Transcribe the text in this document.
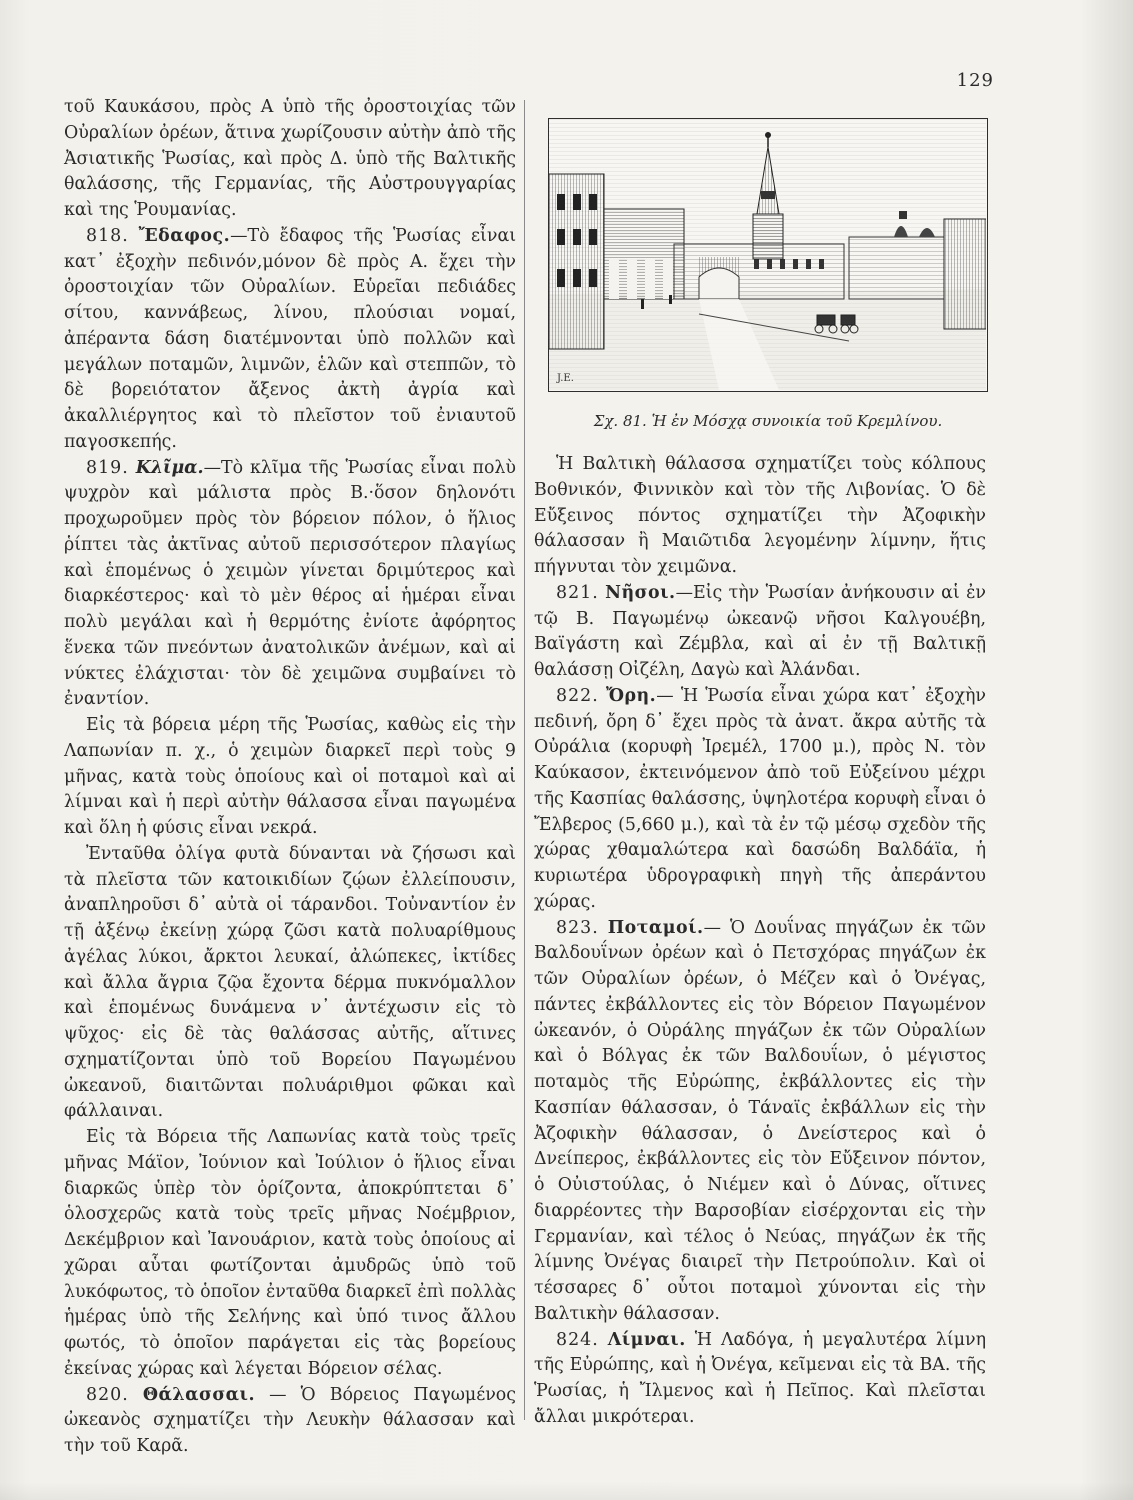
129

τοῦ Καυκάσου, πρὸς Α ὑπὸ τῆς ὀροστοιχίας τῶν Οὐραλίων ὀρέων, ἅτινα χωρίζουσιν αὐτὴν ἀπὸ τῆς Ἀσιατικῆς Ῥωσίας, καὶ πρὸς Δ. ὑπὸ τῆς Βαλτικῆς θαλάσσης, τῆς Γερμανίας, τῆς Αὐστρουγγαρίας καὶ της Ῥουμανίας.

818. Ἔδαφος.—Τὸ ἔδαφος τῆς Ῥωσίας εἶναι κατ᾽ ἐξοχὴν πεδινόν,μόνον δὲ πρὸς Α. ἔχει τὴν ὀροστοιχίαν τῶν Οὐραλίων. Εὑρεῖαι πεδιάδες σίτου, καννάβεως, λίνου, πλούσιαι νομαί, ἀπέραντα δάση διατέμνονται ὑπὸ πολλῶν καὶ μεγάλων ποταμῶν, λιμνῶν, ἑλῶν καὶ στεππῶν, τὸ δὲ βορειότατον ἄξενος ἀκτὴ ἀγρία καὶ ἀκαλλιέργητος καὶ τὸ πλεῖστον τοῦ ἐνιαυτοῦ παγοσκεπής.

819. Κλῖμα.—Τὸ κλῖμα τῆς Ῥωσίας εἶναι πολὺ ψυχρὸν καὶ μάλιστα πρὸς Β.·ὅσον δηλονότι προχωροῦμεν πρὸς τὸν βόρειον πόλον, ὁ ἥλιος ῥίπτει τὰς ἀκτῖνας αὐτοῦ περισσότερον πλαγίως καὶ ἑπομένως ὁ χειμὼν γίνεται δριμύτερος καὶ διαρκέστερος· καὶ τὸ μὲν θέρος αἱ ἡμέραι εἶναι πολὺ μεγάλαι καὶ ἡ θερμότης ἐνίοτε ἀφόρητος ἕνεκα τῶν πνεόντων ἀνατολικῶν ἀνέμων, καὶ αἱ νύκτες ἐλάχισται· τὸν δὲ χειμῶνα συμβαίνει τὸ ἐναντίον.

Εἰς τὰ βόρεια μέρη τῆς Ῥωσίας, καθὼς εἰς τὴν Λαπωνίαν π. χ., ὁ χειμὼν διαρκεῖ περὶ τοὺς 9 μῆνας, κατὰ τοὺς ὁποίους καὶ οἱ ποταμοὶ καὶ αἱ λίμναι καὶ ἡ περὶ αὐτὴν θάλασσα εἶναι παγωμένα καὶ ὅλη ἡ φύσις εἶναι νεκρά.

Ἐνταῦθα ὀλίγα φυτὰ δύνανται νὰ ζήσωσι καὶ τὰ πλεῖστα τῶν κατοικιδίων ζῴων ἐλλείπουσιν, ἀναπληροῦσι δ᾽ αὐτὰ οἱ τάρανδοι. Τοὐναντίον ἐν τῇ ἀξένῳ ἐκείνῃ χώρᾳ ζῶσι κατὰ πολυαρίθμους ἀγέλας λύκοι, ἄρκτοι λευκαί, ἀλώπεκες, ἰκτίδες καὶ ἄλλα ἄγρια ζῷα ἔχοντα δέρμα πυκνόμαλλον καὶ ἑπομένως δυνάμενα ν᾽ ἀντέχωσιν εἰς τὸ ψῦχος· εἰς δὲ τὰς θαλάσσας αὐτῆς, αἵτινες σχηματίζονται ὑπὸ τοῦ Βορείου Παγωμένου ὠκεανοῦ, διαιτῶνται πολυάριθμοι φῶκαι καὶ φάλλαιναι.

Εἰς τὰ Βόρεια τῆς Λαπωνίας κατὰ τοὺς τρεῖς μῆνας Μάϊον, Ἰούνιον καὶ Ἰούλιον ὁ ἥλιος εἶναι διαρκῶς ὑπὲρ τὸν ὁρίζοντα, ἀποκρύπτεται δ᾽ ὁλοσχερῶς κατὰ τοὺς τρεῖς μῆνας Νοέμβριον, Δεκέμβριον καὶ Ἰανουάριον, κατὰ τοὺς ὁποίους αἱ χῶραι αὗται φωτίζονται ἀμυδρῶς ὑπὸ τοῦ λυκόφωτος, τὸ ὁποῖον ἐνταῦθα διαρκεῖ ἐπὶ πολλὰς ἡμέρας ὑπὸ τῆς Σελήνης καὶ ὑπό τινος ἄλλου φωτός, τὸ ὁποῖον παράγεται εἰς τὰς βορείους ἐκείνας χώρας καὶ λέγεται Βόρειον σέλας.

820. Θάλασσαι. — Ὁ Βόρειος Παγωμένος ὠκεανὸς σχηματίζει τὴν Λευκὴν θάλασσαν καὶ τὴν τοῦ Καρᾶ.

J.E.
Σχ. 81. Ἡ ἐν Μόσχᾳ συνοικία τοῦ Κρεμλίνου.

Ἡ Βαλτικὴ θάλασσα σχηματίζει τοὺς κόλπους Βοθνικόν, Φιννικὸν καὶ τὸν τῆς Λιβονίας. Ὁ δὲ Εὔξεινος πόντος σχηματίζει τὴν Ἀζοφικὴν θάλασσαν ἢ Μαιῶτιδα λεγομένην λίμνην, ἥτις πήγνυται τὸν χειμῶνα.

821. Νῆσοι.—Εἰς τὴν Ῥωσίαν ἀνήκουσιν αἱ ἐν τῷ Β. Παγωμένῳ ὠκεανῷ νῆσοι Καλγουέβη, Βαϊγάστη καὶ Ζέμβλα, καὶ αἱ ἐν τῇ Βαλτικῇ θαλάσσῃ Οἰζέλη, Δαγὼ καὶ Ἀλάνδαι.

822. Ὄρη.— Ἡ Ῥωσία εἶναι χώρα κατ᾽ ἐξοχὴν πεδινή, ὄρη δ᾽ ἔχει πρὸς τὰ ἀνατ. ἄκρα αὐτῆς τὰ Οὐράλια (κορυφὴ Ἰρεμέλ, 1700 μ.), πρὸς Ν. τὸν Καύκασον, ἐκτεινόμενον ἀπὸ τοῦ Εὐξείνου μέχρι τῆς Κασπίας θαλάσσης, ὑψηλοτέρα κορυφὴ εἶναι ὁ Ἔλβερος (5,660 μ.), καὶ τὰ ἐν τῷ μέσῳ σχεδὸν τῆς χώρας χθαμαλώτερα καὶ δασώδη Βαλδάϊα, ἡ κυριωτέρα ὑδρογραφικὴ πηγὴ τῆς ἀπεράντου χώρας.

823. Ποταμοί.— Ὁ Δουΐνας πηγάζων ἐκ τῶν Βαλδουΐνων ὀρέων καὶ ὁ Πετσχόρας πηγάζων ἐκ τῶν Οὐραλίων ὀρέων, ὁ Μέζεν καὶ ὁ Ὀνέγας, πάντες ἐκβάλλοντες εἰς τὸν Βόρειον Παγωμένον ὠκεανόν, ὁ Οὐράλης πηγάζων ἐκ τῶν Οὐραλίων καὶ ὁ Βόλγας ἐκ τῶν Βαλδουΐων, ὁ μέγιστος ποταμὸς τῆς Εὐρώπης, ἐκβάλλοντες εἰς τὴν Κασπίαν θάλασσαν, ὁ Τάναϊς ἐκβάλλων εἰς τὴν Ἀζοφικὴν θάλασσαν, ὁ Δνείστερος καὶ ὁ Δνείπερος, ἐκβάλλοντες εἰς τὸν Εὔξεινον πόντον, ὁ Οὐιστούλας, ὁ Νιέμεν καὶ ὁ Δύνας, οἵτινες διαρρέοντες τὴν Βαρσοβίαν εἰσέρχονται εἰς τὴν Γερμανίαν, καὶ τέλος ὁ Νεύας, πηγάζων ἐκ τῆς λίμνης Ὀνέγας διαιρεῖ τὴν Πετρούπολιν. Καὶ οἱ τέσσαρες δ᾽ οὗτοι ποταμοὶ χύνονται εἰς τὴν Βαλτικὴν θάλασσαν.

824. Λίμναι. Ἡ Λαδόγα, ἡ μεγαλυτέρα λίμνη τῆς Εὐρώπης, καὶ ἡ Ὀνέγα, κεῖμεναι εἰς τὰ ΒΑ. τῆς Ῥωσίας, ἡ Ἴλμενος καὶ ἡ Πεῖπος. Καὶ πλεῖσται ἄλλαι μικρότεραι.
